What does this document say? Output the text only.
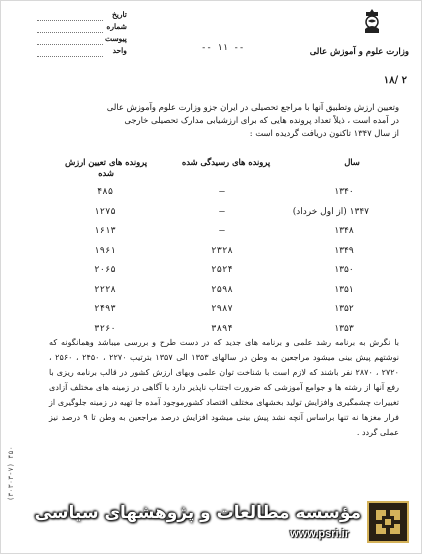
وزارت علوم و آموزش عالی
تاریخ
شماره
پیوست
واحد	-- ۱۱ --
۱۸/ ۲
وتعیین ارزش وتطبیق آنها با مراجع تحصیلی در ایران جزو وزارت علوم وآموزش عالی
در آمده است ، ذیلاً تعداد پرونده هایی که برای ارزشیابی مدارک تحصیلی خارجی
از سال ۱۳۴۷ تاکنون دریافت گردیده است :
سال
پرونده های رسیدگی شده
پرونده های تعیین ارزش شده
۱۳۴۰
—
۴۸۵
۱۳۴۷ (از اول خرداد)
—
۱۲۷۵
۱۳۴۸
—
۱۶۱۳
۱۳۴۹
۲۳۲۸
۱۹۶۱
۱۳۵۰
۲۵۲۴
۲۰۶۵
۱۳۵۱
۲۵۹۸
۲۲۲۸
۱۳۵۲
۲۹۸۷
۲۴۹۳
۱۳۵۳
۳۸۹۴
۳۲۶۰
با نگرش به برنامه رشد علمی و برنامه های جدید که در دست طرح و بررسی میباشد وهمانگونه که نوشتهم پیش بینی میشود مراجعین به وطن در سالهای ۱۳۵۳ الی ۱۳۵۷ بترتیب ۲۲۷۰ ، ۲۴۵۰ ، ۲۵۶۰ ، ۲۷۲۰ ، ۲۸۷۰ نفر باشند که لازم است با شناخت توان علمی وبهای ارزش کشور در قالب برنامه ریزی با رفع آنها از رشته ها و جوامع آموزشی که ضرورت اجتناب ناپذیر دارد با آگاهی در زمینه های مختلف آزادی تغییرات چشمگیری وافزایش تولید بخشهای مختلف اقتصاد کشورموجود آمده جا تهیه در زمینه جلوگیری از فرار مغزها نه تنها براساس آنچه نشد پیش بینی میشود افزایش درصد مراجعین به وطن تا ۹ درصد نیز عملی گردد .
(۳۰۳۰۳-۷) ۴۵۰
مؤسسه مطالعات و پژوهشهای سیاسی
www.psri.ir
